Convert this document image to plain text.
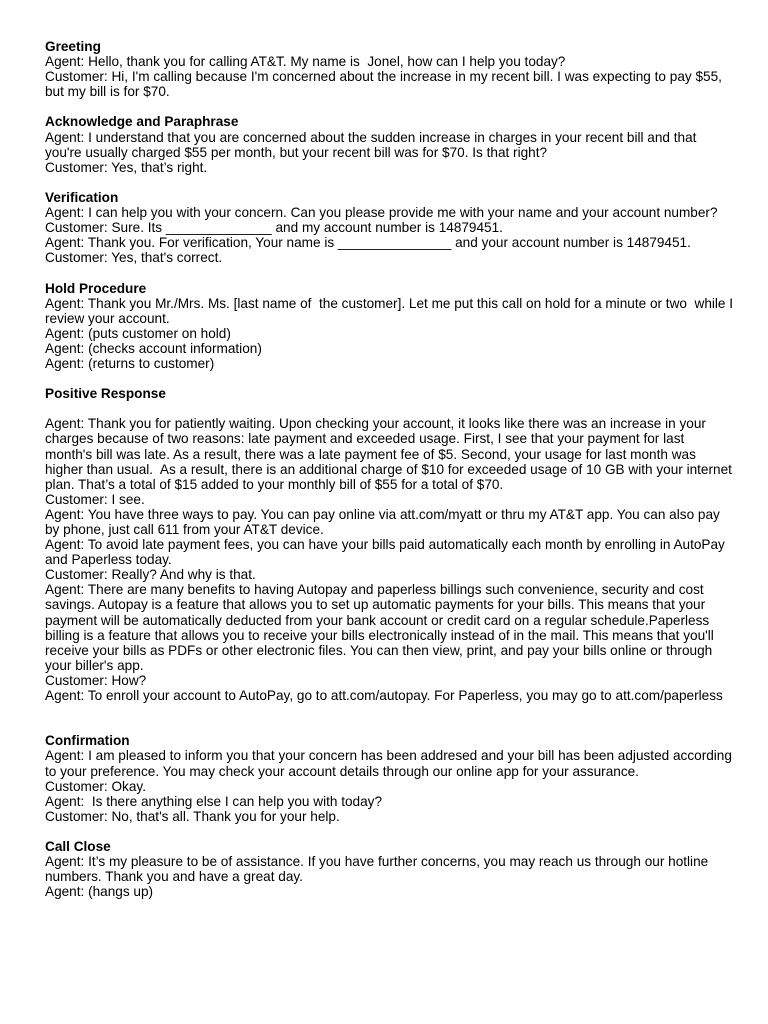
Greeting
Agent: Hello, thank you for calling AT&T. My name is  Jonel, how can I help you today?
Customer: Hi, I'm calling because I'm concerned about the increase in my recent bill. I was expecting to pay $55, but my bill is for $70.
Acknowledge and Paraphrase
Agent: I understand that you are concerned about the sudden increase in charges in your recent bill and that you're usually charged $55 per month, but your recent bill was for $70. Is that right?
Customer: Yes, that’s right.
Verification
Agent: I can help you with your concern. Can you please provide me with your name and your account number?
Customer: Sure. Its ______________ and my account number is 14879451.
Agent: Thank you. For verification, Your name is _______________ and your account number is 14879451.
Customer: Yes, that's correct.
Hold Procedure
Agent: Thank you Mr./Mrs. Ms. [last name of  the customer]. Let me put this call on hold for a minute or two  while I review your account.
Agent: (puts customer on hold)
Agent: (checks account information)
Agent: (returns to customer)
Positive Response
Agent: Thank you for patiently waiting. Upon checking your account, it looks like there was an increase in your charges because of two reasons: late payment and exceeded usage. First, I see that your payment for last month's bill was late. As a result, there was a late payment fee of $5. Second, your usage for last month was higher than usual.  As a result, there is an additional charge of $10 for exceeded usage of 10 GB with your internet plan. That’s a total of $15 added to your monthly bill of $55 for a total of $70.
Customer: I see.
Agent: You have three ways to pay. You can pay online via att.com/myatt or thru my AT&T app. You can also pay by phone, just call 611 from your AT&T device.
Agent: To avoid late payment fees, you can have your bills paid automatically each month by enrolling in AutoPay and Paperless today.
Customer: Really? And why is that.
Agent: There are many benefits to having Autopay and paperless billings such convenience, security and cost savings. Autopay is a feature that allows you to set up automatic payments for your bills. This means that your payment will be automatically deducted from your bank account or credit card on a regular schedule.Paperless billing is a feature that allows you to receive your bills electronically instead of in the mail. This means that you'll receive your bills as PDFs or other electronic files. You can then view, print, and pay your bills online or through your biller's app.
Customer: How?
Agent: To enroll your account to AutoPay, go to att.com/autopay. For Paperless, you may go to att.com/paperless
Confirmation
Agent: I am pleased to inform you that your concern has been addresed and your bill has been adjusted according to your preference. You may check your account details through our online app for your assurance.
Customer: Okay.
Agent:  Is there anything else I can help you with today?
Customer: No, that's all. Thank you for your help.
Call Close
Agent: It’s my pleasure to be of assistance. If you have further concerns, you may reach us through our hotline numbers. Thank you and have a great day.
Agent: (hangs up)
